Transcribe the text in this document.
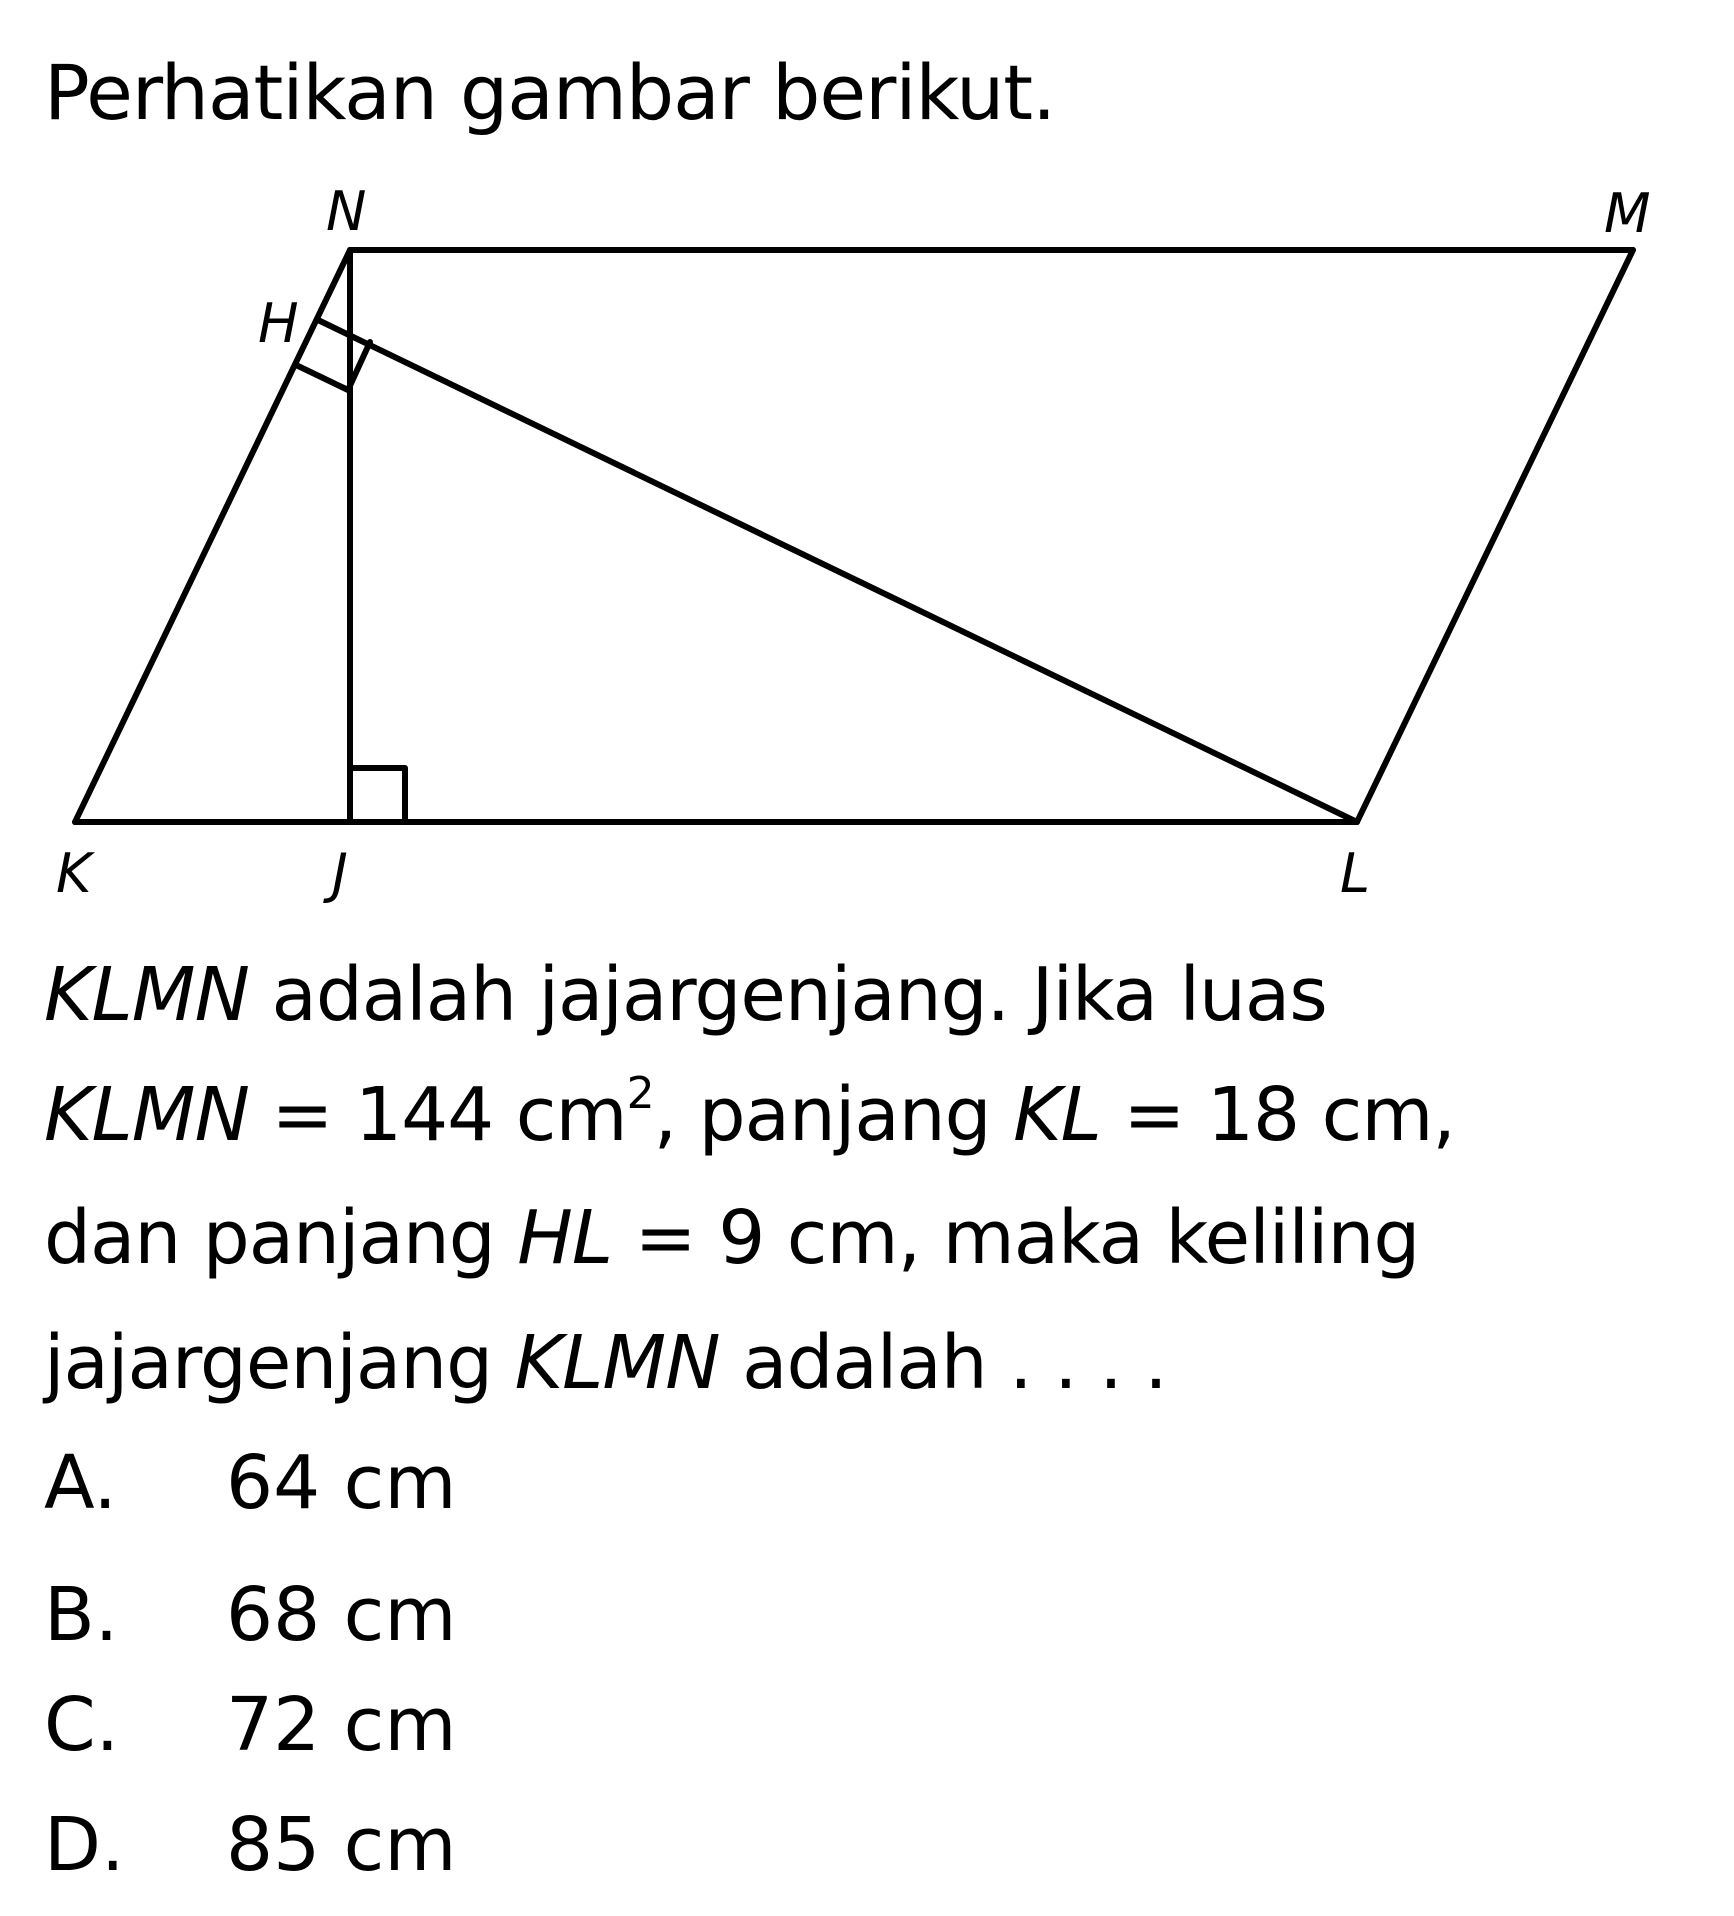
Perhatikan gambar berikut.
N	M
H
K	J	L
KLMN adalah jajargenjang. Jika luas
KLMN = 144 $cm^2$, panjang KL = 18 cm,
dan panjang HL = 9 cm, maka keliling
jajargenjang KLMN adalah . . . .
A.	64 cm
B.	68 cm
C.	72 cm
D.	85 cm
